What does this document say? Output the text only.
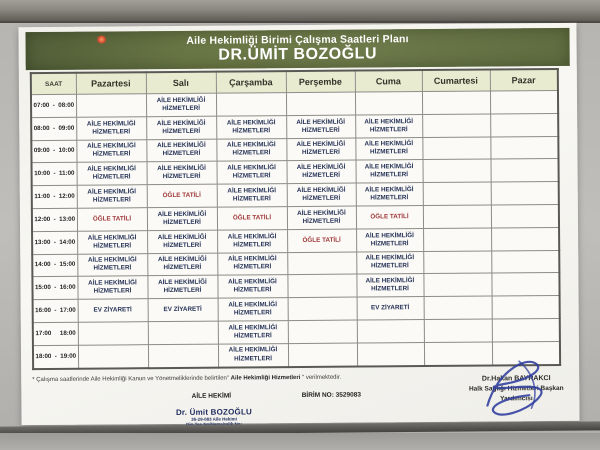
Aile Hekimliği Birimi Çalışma Saatleri Planı
DR.ÜMİT BOZOĞLU
SAAT	Pazartesi	Salı	Çarşamba	Perşembe	Cuma	Cumartesi	Pazar
07:00  -  08:00		AİLE HEKİMLİĞİ HİZMETLERİ					
08:00  -  09:00	AİLE HEKİMLİĞİ HİZMETLERİ	AİLE HEKİMLİĞİ HİZMETLERİ	AİLE HEKİMLİĞİ HİZMETLERİ	AİLE HEKİMLİĞİ HİZMETLERİ	AİLE HEKİMLİĞİ HİZMETLERİ		
09:00  -  10:00	AİLE HEKİMLİĞİ HİZMETLERİ	AİLE HEKİMLİĞİ HİZMETLERİ	AİLE HEKİMLİĞİ HİZMETLERİ	AİLE HEKİMLİĞİ HİZMETLERİ	AİLE HEKİMLİĞİ HİZMETLERİ		
10:00  -  11:00	AİLE HEKİMLİĞİ HİZMETLERİ	AİLE HEKİMLİĞİ HİZMETLERİ	AİLE HEKİMLİĞİ HİZMETLERİ	AİLE HEKİMLİĞİ HİZMETLERİ	AİLE HEKİMLİĞİ HİZMETLERİ		
11:00  -  12:00	AİLE HEKİMLİĞİ HİZMETLERİ	ÖĞLE TATİLİ	AİLE HEKİMLİĞİ HİZMETLERİ	AİLE HEKİMLİĞİ HİZMETLERİ	AİLE HEKİMLİĞİ HİZMETLERİ		
12:00  -  13:00	ÖĞLE TATİLİ	AİLE HEKİMLİĞİ HİZMETLERİ	ÖĞLE TATİLİ	AİLE HEKİMLİĞİ HİZMETLERİ	ÖĞLE TATİLİ		
13:00  -  14:00	AİLE HEKİMLİĞİ HİZMETLERİ	AİLE HEKİMLİĞİ HİZMETLERİ	AİLE HEKİMLİĞİ HİZMETLERİ	ÖĞLE TATİLİ	AİLE HEKİMLİĞİ HİZMETLERİ		
14:00  -  15:00	AİLE HEKİMLİĞİ HİZMETLERİ	AİLE HEKİMLİĞİ HİZMETLERİ	AİLE HEKİMLİĞİ HİZMETLERİ		AİLE HEKİMLİĞİ HİZMETLERİ		
15:00  -  16:00	AİLE HEKİMLİĞİ HİZMETLERİ	AİLE HEKİMLİĞİ HİZMETLERİ	AİLE HEKİMLİĞİ HİZMETLERİ		AİLE HEKİMLİĞİ HİZMETLERİ		
16:00  -  17:00	EV ZİYARETİ	EV ZİYARETİ	AİLE HEKİMLİĞİ HİZMETLERİ		EV ZİYARETİ		
17:00     18:00			AİLE HEKİMLİĞİ HİZMETLERİ				
18:00  -  19:00			AİLE HEKİMLİĞİ HİZMETLERİ				
* Çalışma saatlerinde Aile Hekimliği Kanun ve Yönetmeliklerinde belirtilen" Aile Hekimliği Hizmetleri " verilmektedir.
AİLE HEKİMİ	BİRİM NO: 3529083
Dr. Ümit BOZOĞLU
35-29-083 Aile Hekimi
Dr.Hakan BAYRAKCI
Halk Sağlığı Hizmetleri Başkan
Yardımcısı
